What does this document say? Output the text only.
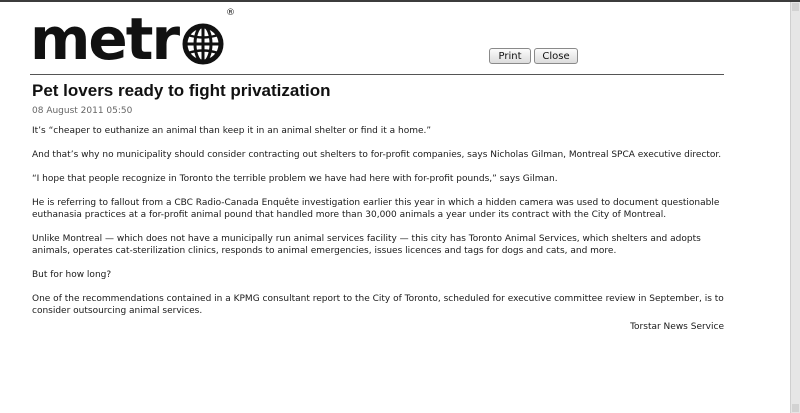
metr	®
Print	Close
Pet lovers ready to fight privatization
08 August 2011 05:50

It’s “cheaper to euthanize an animal than keep it in an animal shelter or find it a home.”

And that’s why no municipality should consider contracting out shelters to for-profit companies, says Nicholas Gilman, Montreal SPCA executive director.

“I hope that people recognize in Toronto the terrible problem we have had here with for-profit pounds,” says Gilman.

He is referring to fallout from a CBC Radio-Canada Enquête investigation earlier this year in which a hidden camera was used to document questionable euthanasia practices at a for-profit animal pound that handled more than 30,000 animals a year under its contract with the City of Montreal.

Unlike Montreal — which does not have a municipally run animal services facility — this city has Toronto Animal Services, which shelters and adopts animals, operates cat-sterilization clinics, responds to animal emergencies, issues licences and tags for dogs and cats, and more.

But for how long?

One of the recommendations contained in a KPMG consultant report to the City of Toronto, scheduled for executive committee review in September, is to consider outsourcing animal services.

Torstar News Service
